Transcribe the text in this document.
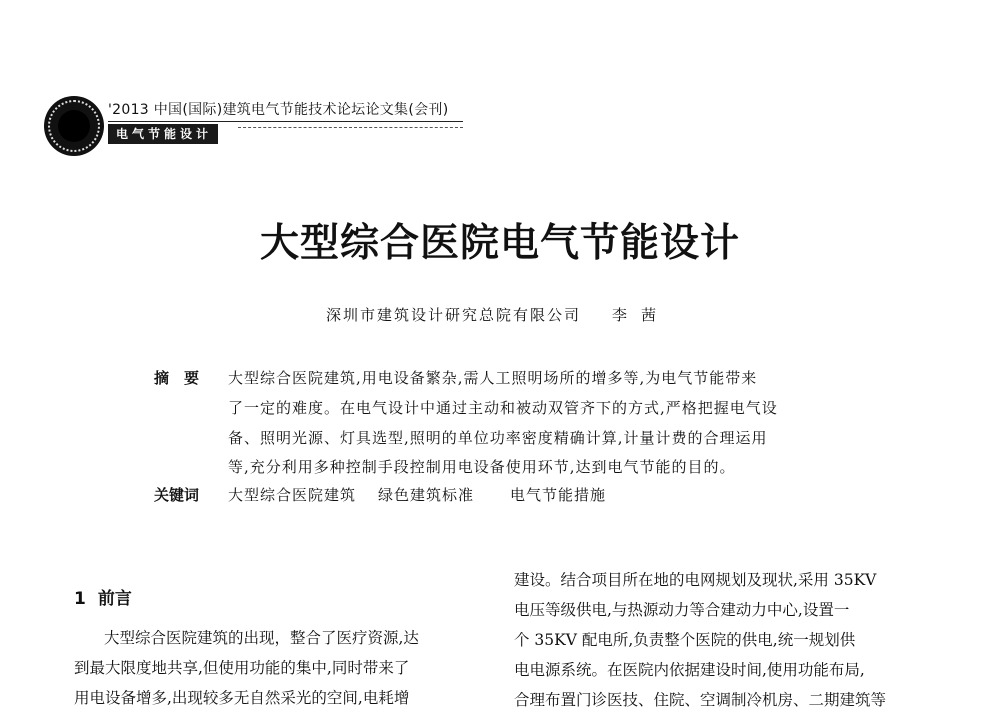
'2013 中国(国际)建筑电气节能技术论坛论文集(会刊)
电气节能设计
大型综合医院电气节能设计
深圳市建筑设计研究总院有限公司 李茜
摘要 大型综合医院建筑,用电设备繁杂,需人工照明场所的增多等,为电气节能带来
了一定的难度。在电气设计中通过主动和被动双管齐下的方式,严格把握电气设
备、照明光源、灯具选型,照明的单位功率密度精确计算,计量计费的合理运用
等,充分利用多种控制手段控制用电设备使用环节,达到电气节能的目的。
关键词 大型综合医院建筑 绿色建筑标准 电气节能措施
1 前言
大型综合医院建筑的出现，整合了医疗资源,达
到最大限度地共享,但使用功能的集中,同时带来了
用电设备增多,出现较多无自然采光的空间,电耗增
建设。结合项目所在地的电网规划及现状,采用 35KV
电压等级供电,与热源动力等合建动力中心,设置一
个 35KV 配电所,负责整个医院的供电,统一规划供
电电源系统。在医院内依据建设时间,使用功能布局,
合理布置门诊医技、住院、空调制冷机房、二期建筑等
